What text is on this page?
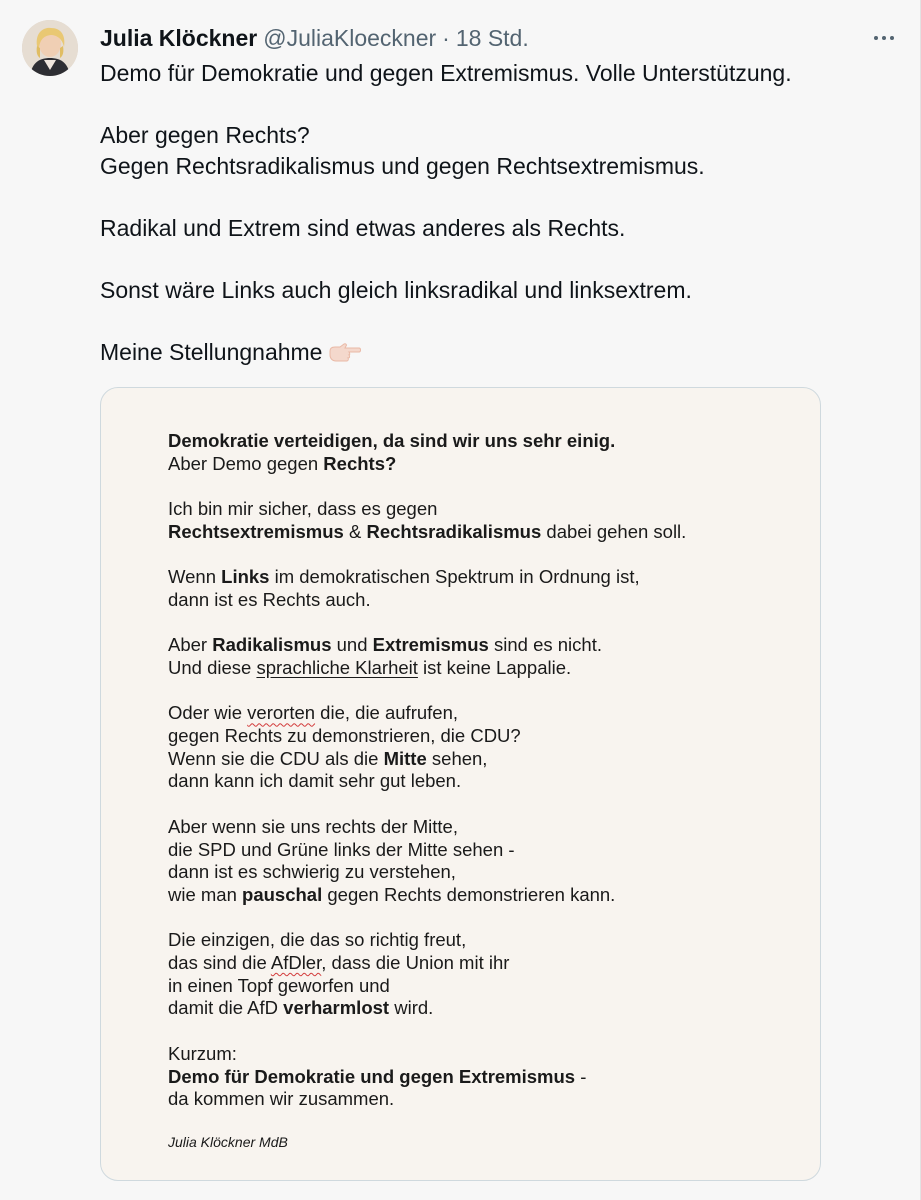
Julia Klöckner @JuliaKloeckner · 18 Std.

Demo für Demokratie und gegen Extremismus. Volle Unterstützung.

Aber gegen Rechts?

Gegen Rechtsradikalismus und gegen Rechtsextremismus.

Radikal und Extrem sind etwas anderes als Rechts.

Sonst wäre Links auch gleich linksradikal und linksextrem.

Meine Stellungnahme

Demokratie verteidigen, da sind wir uns sehr einig.
Aber Demo gegen Rechts?
Ich bin mir sicher, dass es gegen
Rechtsextremismus & Rechtsradikalismus dabei gehen soll.
Wenn Links im demokratischen Spektrum in Ordnung ist,
dann ist es Rechts auch.
Aber Radikalismus und Extremismus sind es nicht.
Und diese sprachliche Klarheit ist keine Lappalie.
Oder wie verorten die, die aufrufen,
gegen Rechts zu demonstrieren, die CDU?
Wenn sie die CDU als die Mitte sehen,
dann kann ich damit sehr gut leben.
Aber wenn sie uns rechts der Mitte,
die SPD und Grüne links der Mitte sehen -
dann ist es schwierig zu verstehen,
wie man pauschal gegen Rechts demonstrieren kann.
Die einzigen, die das so richtig freut,
das sind die AfDler, dass die Union mit ihr
in einen Topf geworfen und
damit die AfD verharmlost wird.
Kurzum:
Demo für Demokratie und gegen Extremismus -
da kommen wir zusammen.
Julia Klöckner MdB
